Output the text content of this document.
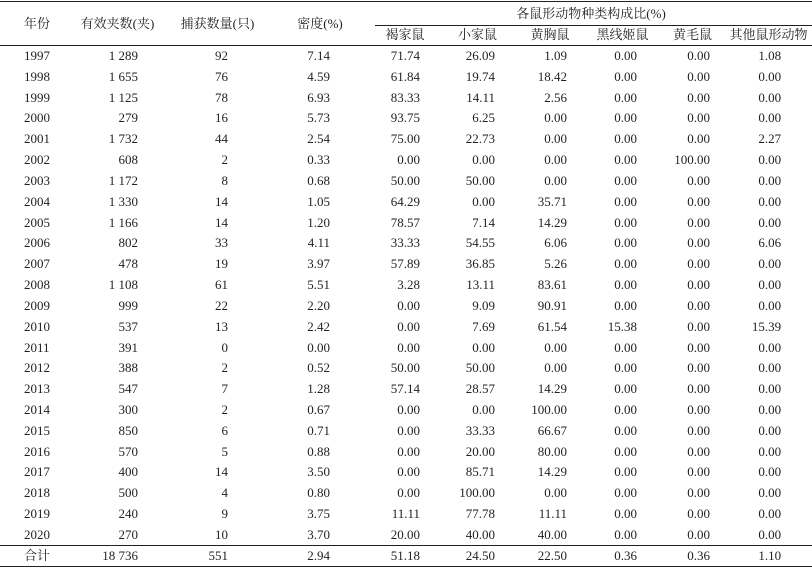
年份	有效夹数(夹)	捕获数量(只)	密度(%)	各鼠形动物种类构成比(%)					
				褐家鼠	小家鼠	黄胸鼠	黑线姬鼠	黄毛鼠	其他鼠形动物
1997	1 289	92	7.14	71.74	26.09	1.09	0.00	0.00	1.08
1998	1 655	76	4.59	61.84	19.74	18.42	0.00	0.00	0.00
1999	1 125	78	6.93	83.33	14.11	2.56	0.00	0.00	0.00
2000	279	16	5.73	93.75	6.25	0.00	0.00	0.00	0.00
2001	1 732	44	2.54	75.00	22.73	0.00	0.00	0.00	2.27
2002	608	2	0.33	0.00	0.00	0.00	0.00	100.00	0.00
2003	1 172	8	0.68	50.00	50.00	0.00	0.00	0.00	0.00
2004	1 330	14	1.05	64.29	0.00	35.71	0.00	0.00	0.00
2005	1 166	14	1.20	78.57	7.14	14.29	0.00	0.00	0.00
2006	802	33	4.11	33.33	54.55	6.06	0.00	0.00	6.06
2007	478	19	3.97	57.89	36.85	5.26	0.00	0.00	0.00
2008	1 108	61	5.51	3.28	13.11	83.61	0.00	0.00	0.00
2009	999	22	2.20	0.00	9.09	90.91	0.00	0.00	0.00
2010	537	13	2.42	0.00	7.69	61.54	15.38	0.00	15.39
2011	391	0	0.00	0.00	0.00	0.00	0.00	0.00	0.00
2012	388	2	0.52	50.00	50.00	0.00	0.00	0.00	0.00
2013	547	7	1.28	57.14	28.57	14.29	0.00	0.00	0.00
2014	300	2	0.67	0.00	0.00	100.00	0.00	0.00	0.00
2015	850	6	0.71	0.00	33.33	66.67	0.00	0.00	0.00
2016	570	5	0.88	0.00	20.00	80.00	0.00	0.00	0.00
2017	400	14	3.50	0.00	85.71	14.29	0.00	0.00	0.00
2018	500	4	0.80	0.00	100.00	0.00	0.00	0.00	0.00
2019	240	9	3.75	11.11	77.78	11.11	0.00	0.00	0.00
2020	270	10	3.70	20.00	40.00	40.00	0.00	0.00	0.00
合计	18 736	551	2.94	51.18	24.50	22.50	0.36	0.36	1.10
